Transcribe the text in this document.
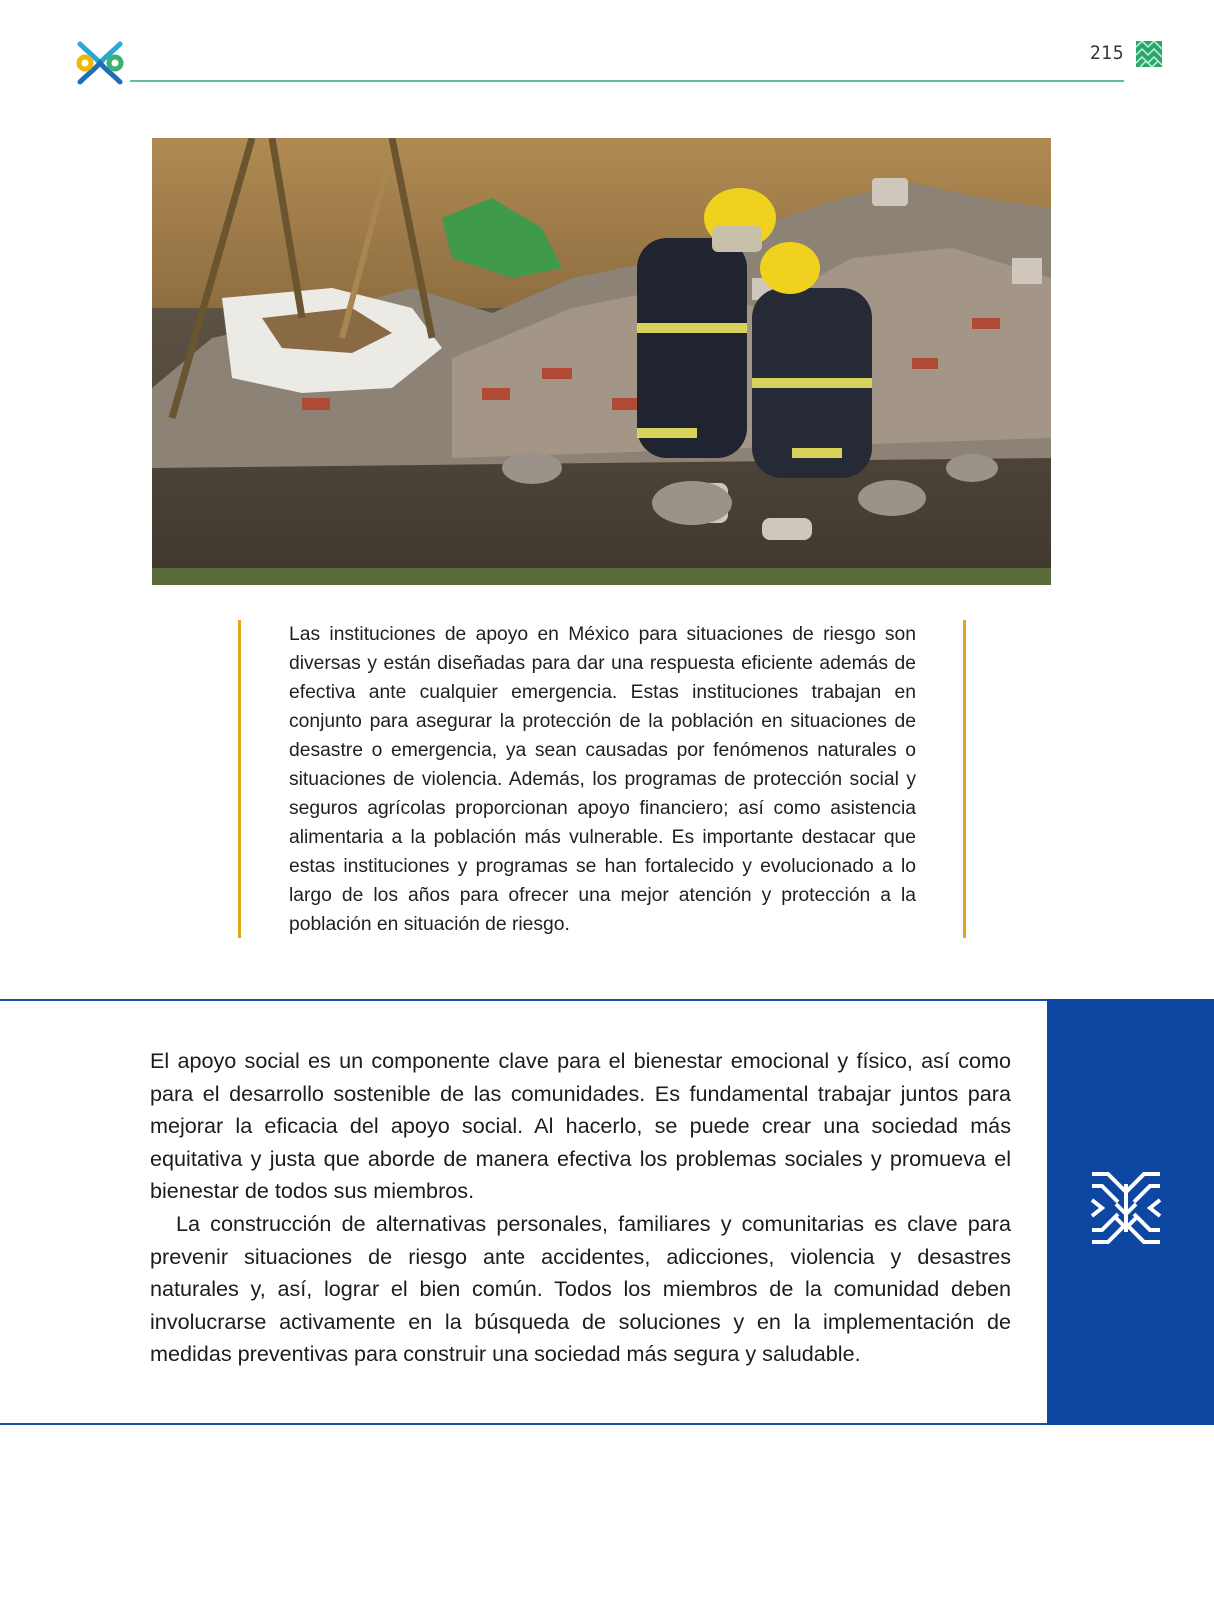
215

Las instituciones de apoyo en México para situaciones de riesgo son diversas y están diseñadas para dar una respuesta eficiente además de efectiva ante cualquier emergencia. Estas instituciones trabajan en conjunto para asegurar la protección de la población en situaciones de desastre o emergencia, ya sean causadas por fenómenos naturales o situaciones de violencia. Además, los programas de protección social y seguros agrícolas proporcionan apoyo financiero; así como asistencia alimentaria a la población más vulnerable. Es importante destacar que estas instituciones y programas se han fortalecido y evolucionado a lo largo de los años para ofrecer una mejor atención y protección a la población en situación de riesgo.

El apoyo social es un componente clave para el bienestar emocional y físico, así como para el desarrollo sostenible de las comunidades. Es fundamental trabajar juntos para mejorar la eficacia del apoyo social. Al hacerlo, se puede crear una sociedad más equitativa y justa que aborde de manera efectiva los problemas sociales y promueva el bienestar de todos sus miembros.

La construcción de alternativas personales, familiares y comunitarias es clave para prevenir situaciones de riesgo ante accidentes, adicciones, violencia y desastres naturales y, así, lograr el bien común. Todos los miembros de la comunidad deben involucrarse activamente en la búsqueda de soluciones y en la implementación de medidas preventivas para construir una sociedad más segura y saludable.
